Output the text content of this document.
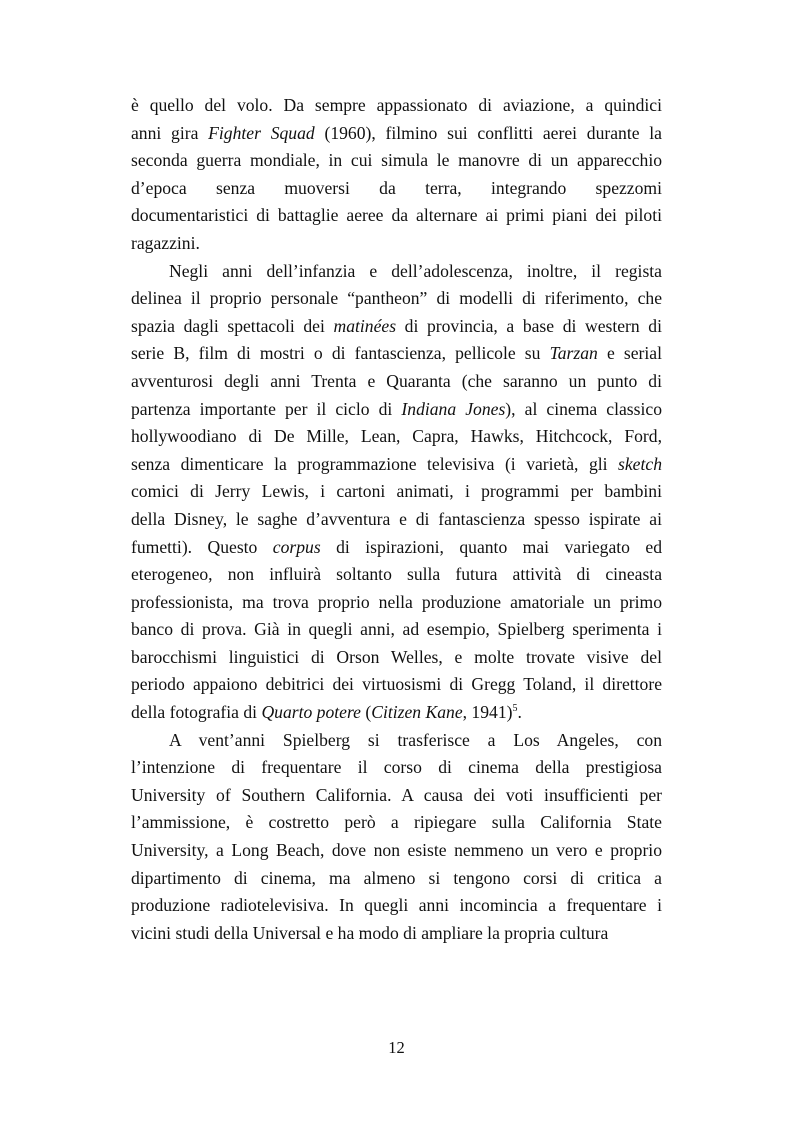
è quello del volo. Da sempre appassionato di aviazione, a quindici
anni gira Fighter Squad (1960), filmino sui conflitti aerei durante la
seconda guerra mondiale, in cui simula le manovre di un apparecchio
d’epoca senza muoversi da terra, integrando spezzomi
documentaristici di battaglie aeree da alternare ai primi piani dei piloti
ragazzini.
Negli anni dell’infanzia e dell’adolescenza, inoltre, il regista
delinea il proprio personale “pantheon” di modelli di riferimento, che
spazia dagli spettacoli dei matinées di provincia, a base di western di
serie B, film di mostri o di fantascienza, pellicole su Tarzan e serial
avventurosi degli anni Trenta e Quaranta (che saranno un punto di
partenza importante per il ciclo di Indiana Jones), al cinema classico
hollywoodiano di De Mille, Lean, Capra, Hawks, Hitchcock, Ford,
senza dimenticare la programmazione televisiva (i varietà, gli sketch
comici di Jerry Lewis, i cartoni animati, i programmi per bambini
della Disney, le saghe d’avventura e di fantascienza spesso ispirate ai
fumetti). Questo corpus di ispirazioni, quanto mai variegato ed
eterogeneo, non influirà soltanto sulla futura attività di cineasta
professionista, ma trova proprio nella produzione amatoriale un primo
banco di prova. Già in quegli anni, ad esempio, Spielberg sperimenta i
barocchismi linguistici di Orson Welles, e molte trovate visive del
periodo appaiono debitrici dei virtuosismi di Gregg Toland, il direttore
della fotografia di Quarto potere (Citizen Kane, 1941)$^5$.
A vent’anni Spielberg si trasferisce a Los Angeles, con
l’intenzione di frequentare il corso di cinema della prestigiosa
University of Southern California. A causa dei voti insufficienti per
l’ammissione, è costretto però a ripiegare sulla California State
University, a Long Beach, dove non esiste nemmeno un vero e proprio
dipartimento di cinema, ma almeno si tengono corsi di critica a
produzione radiotelevisiva. In quegli anni incomincia a frequentare i
vicini studi della Universal e ha modo di ampliare la propria cultura
12
